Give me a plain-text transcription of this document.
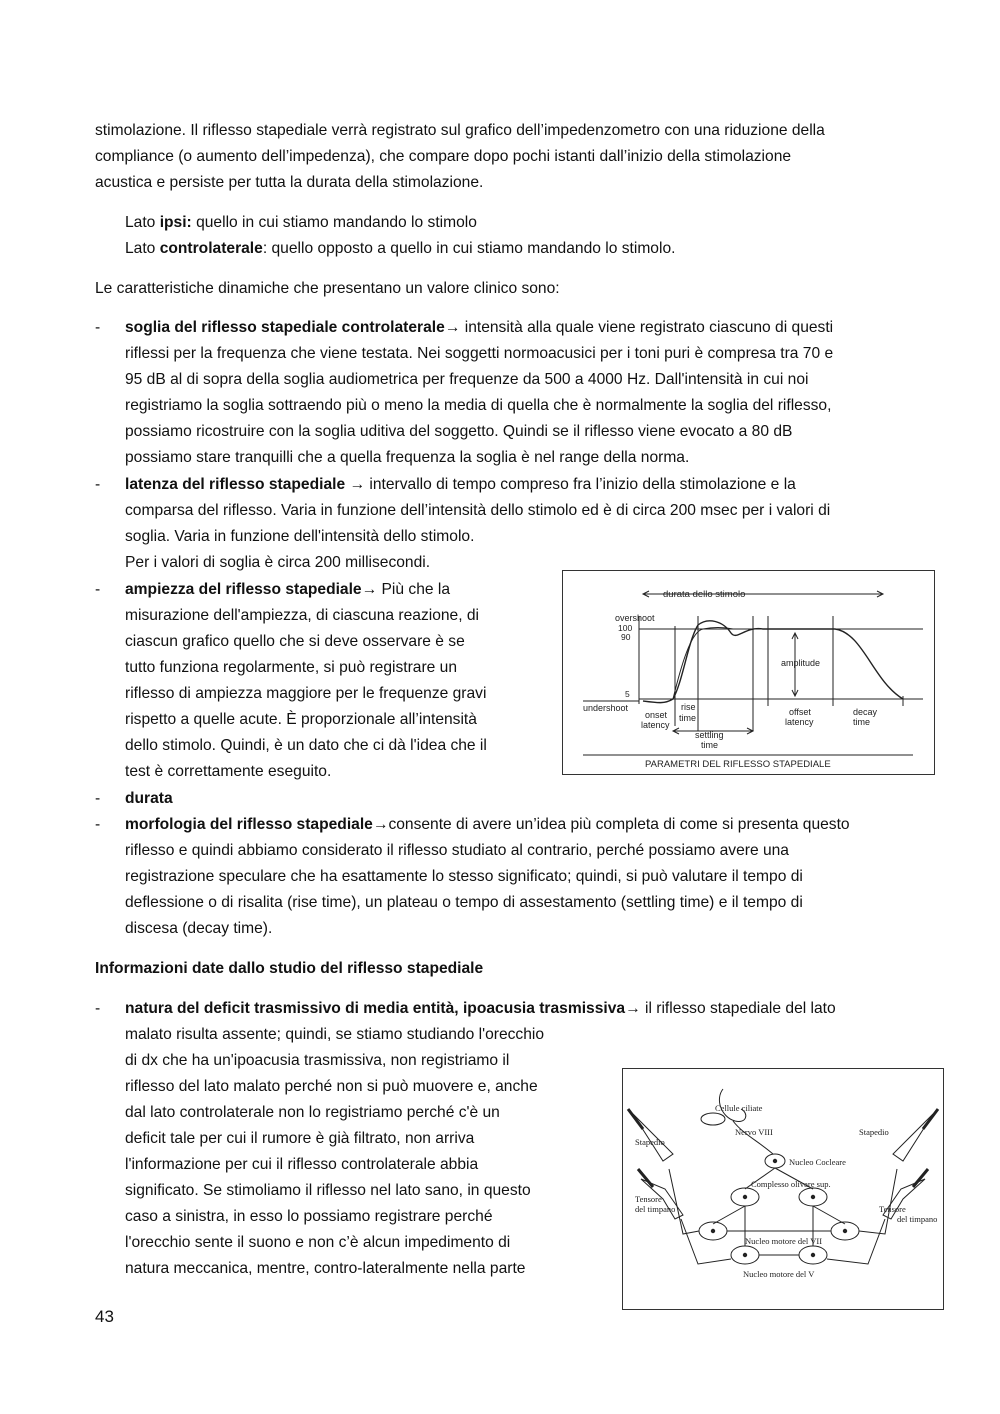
stimolazione. Il riflesso stapediale verrà registrato sul grafico dell’impedenzometro con una riduzione della
compliance (o aumento dell’impedenza), che compare dopo pochi istanti dall’inizio della stimolazione
acustica e persiste per tutta la durata della stimolazione.
Lato ipsi: quello in cui stiamo mandando lo stimolo
Lato controlaterale: quello opposto a quello in cui stiamo mandando lo stimolo.
Le caratteristiche dinamiche che presentano un valore clinico sono:
- soglia del riflesso stapediale controlaterale→ intensità alla quale viene registrato ciascuno di questi
riflessi per la frequenza che viene testata. Nei soggetti normoacusici per i toni puri è compresa tra 70 e
95 dB al di sopra della soglia audiometrica per frequenze da 500 a 4000 Hz. Dall'intensità in cui noi
registriamo la soglia sottraendo più o meno la media di quella che è normalmente la soglia del riflesso,
possiamo ricostruire con la soglia uditiva del soggetto. Quindi se il riflesso viene evocato a 80 dB
possiamo stare tranquilli che a quella frequenza la soglia è nel range della norma.
- latenza del riflesso stapediale → intervallo di tempo compreso fra l’inizio della stimolazione e la
comparsa del riflesso. Varia in funzione dell’intensità dello stimolo ed è di circa 200 msec per i valori di
soglia. Varia in funzione dell'intensità dello stimolo.
Per i valori di soglia è circa 200 millisecondi.
- ampiezza del riflesso stapediale→ Più che la
misurazione dell'ampiezza, di ciascuna reazione, di
ciascun grafico quello che si deve osservare è se
tutto funziona regolarmente, si può registrare un
riflesso di ampiezza maggiore per le frequenze gravi
rispetto a quelle acute. È proporzionale all’intensità
dello stimolo. Quindi, è un dato che ci dà l'idea che il
test è correttamente eseguito.
- durata
- morfologia del riflesso stapediale→consente di avere un’idea più completa di come si presenta questo
riflesso e quindi abbiamo considerato il riflesso studiato al contrario, perché possiamo avere una
registrazione speculare che ha esattamente lo stesso significato; quindi, si può valutare il tempo di
deflessione o di risalita (rise time), un plateau o tempo di assestamento (settling time) e il tempo di
discesa (decay time).
Informazioni date dallo studio del riflesso stapediale
- natura del deficit trasmissivo di media entità, ipoacusia trasmissiva→ il riflesso stapediale del lato
malato risulta assente; quindi, se stiamo studiando l'orecchio
di dx che ha un'ipoacusia trasmissiva, non registriamo il
riflesso del lato malato perché non si può muovere e, anche
dal lato controlaterale non lo registriamo perché c'è un
deficit tale per cui il rumore è già filtrato, non arriva
l'informazione per cui il riflesso controlaterale abbia
significato. Se stimoliamo il riflesso nel lato sano, in questo
caso a sinistra, in esso lo possiamo registrare perché
l'orecchio sente il suono e non c’è alcun impedimento di
natura meccanica, mentre, contro-lateralmente nella parte
durata dello stimolo
overshoot
100
90
amplitude
5
undershoot
onset
latency
rise
time
offset
latency
decay
time
settling
time
PARAMETRI DEL RIFLESSO STAPEDIALE
Cellule ciliate
Nervo VIII
Stapedio
Stapedio
Nucleo Cocleare
Complesso olivare sup.
Tensore
del timpano	Tensore
del timpano
Nucleo motore del VII
Nucleo motore del V
43
